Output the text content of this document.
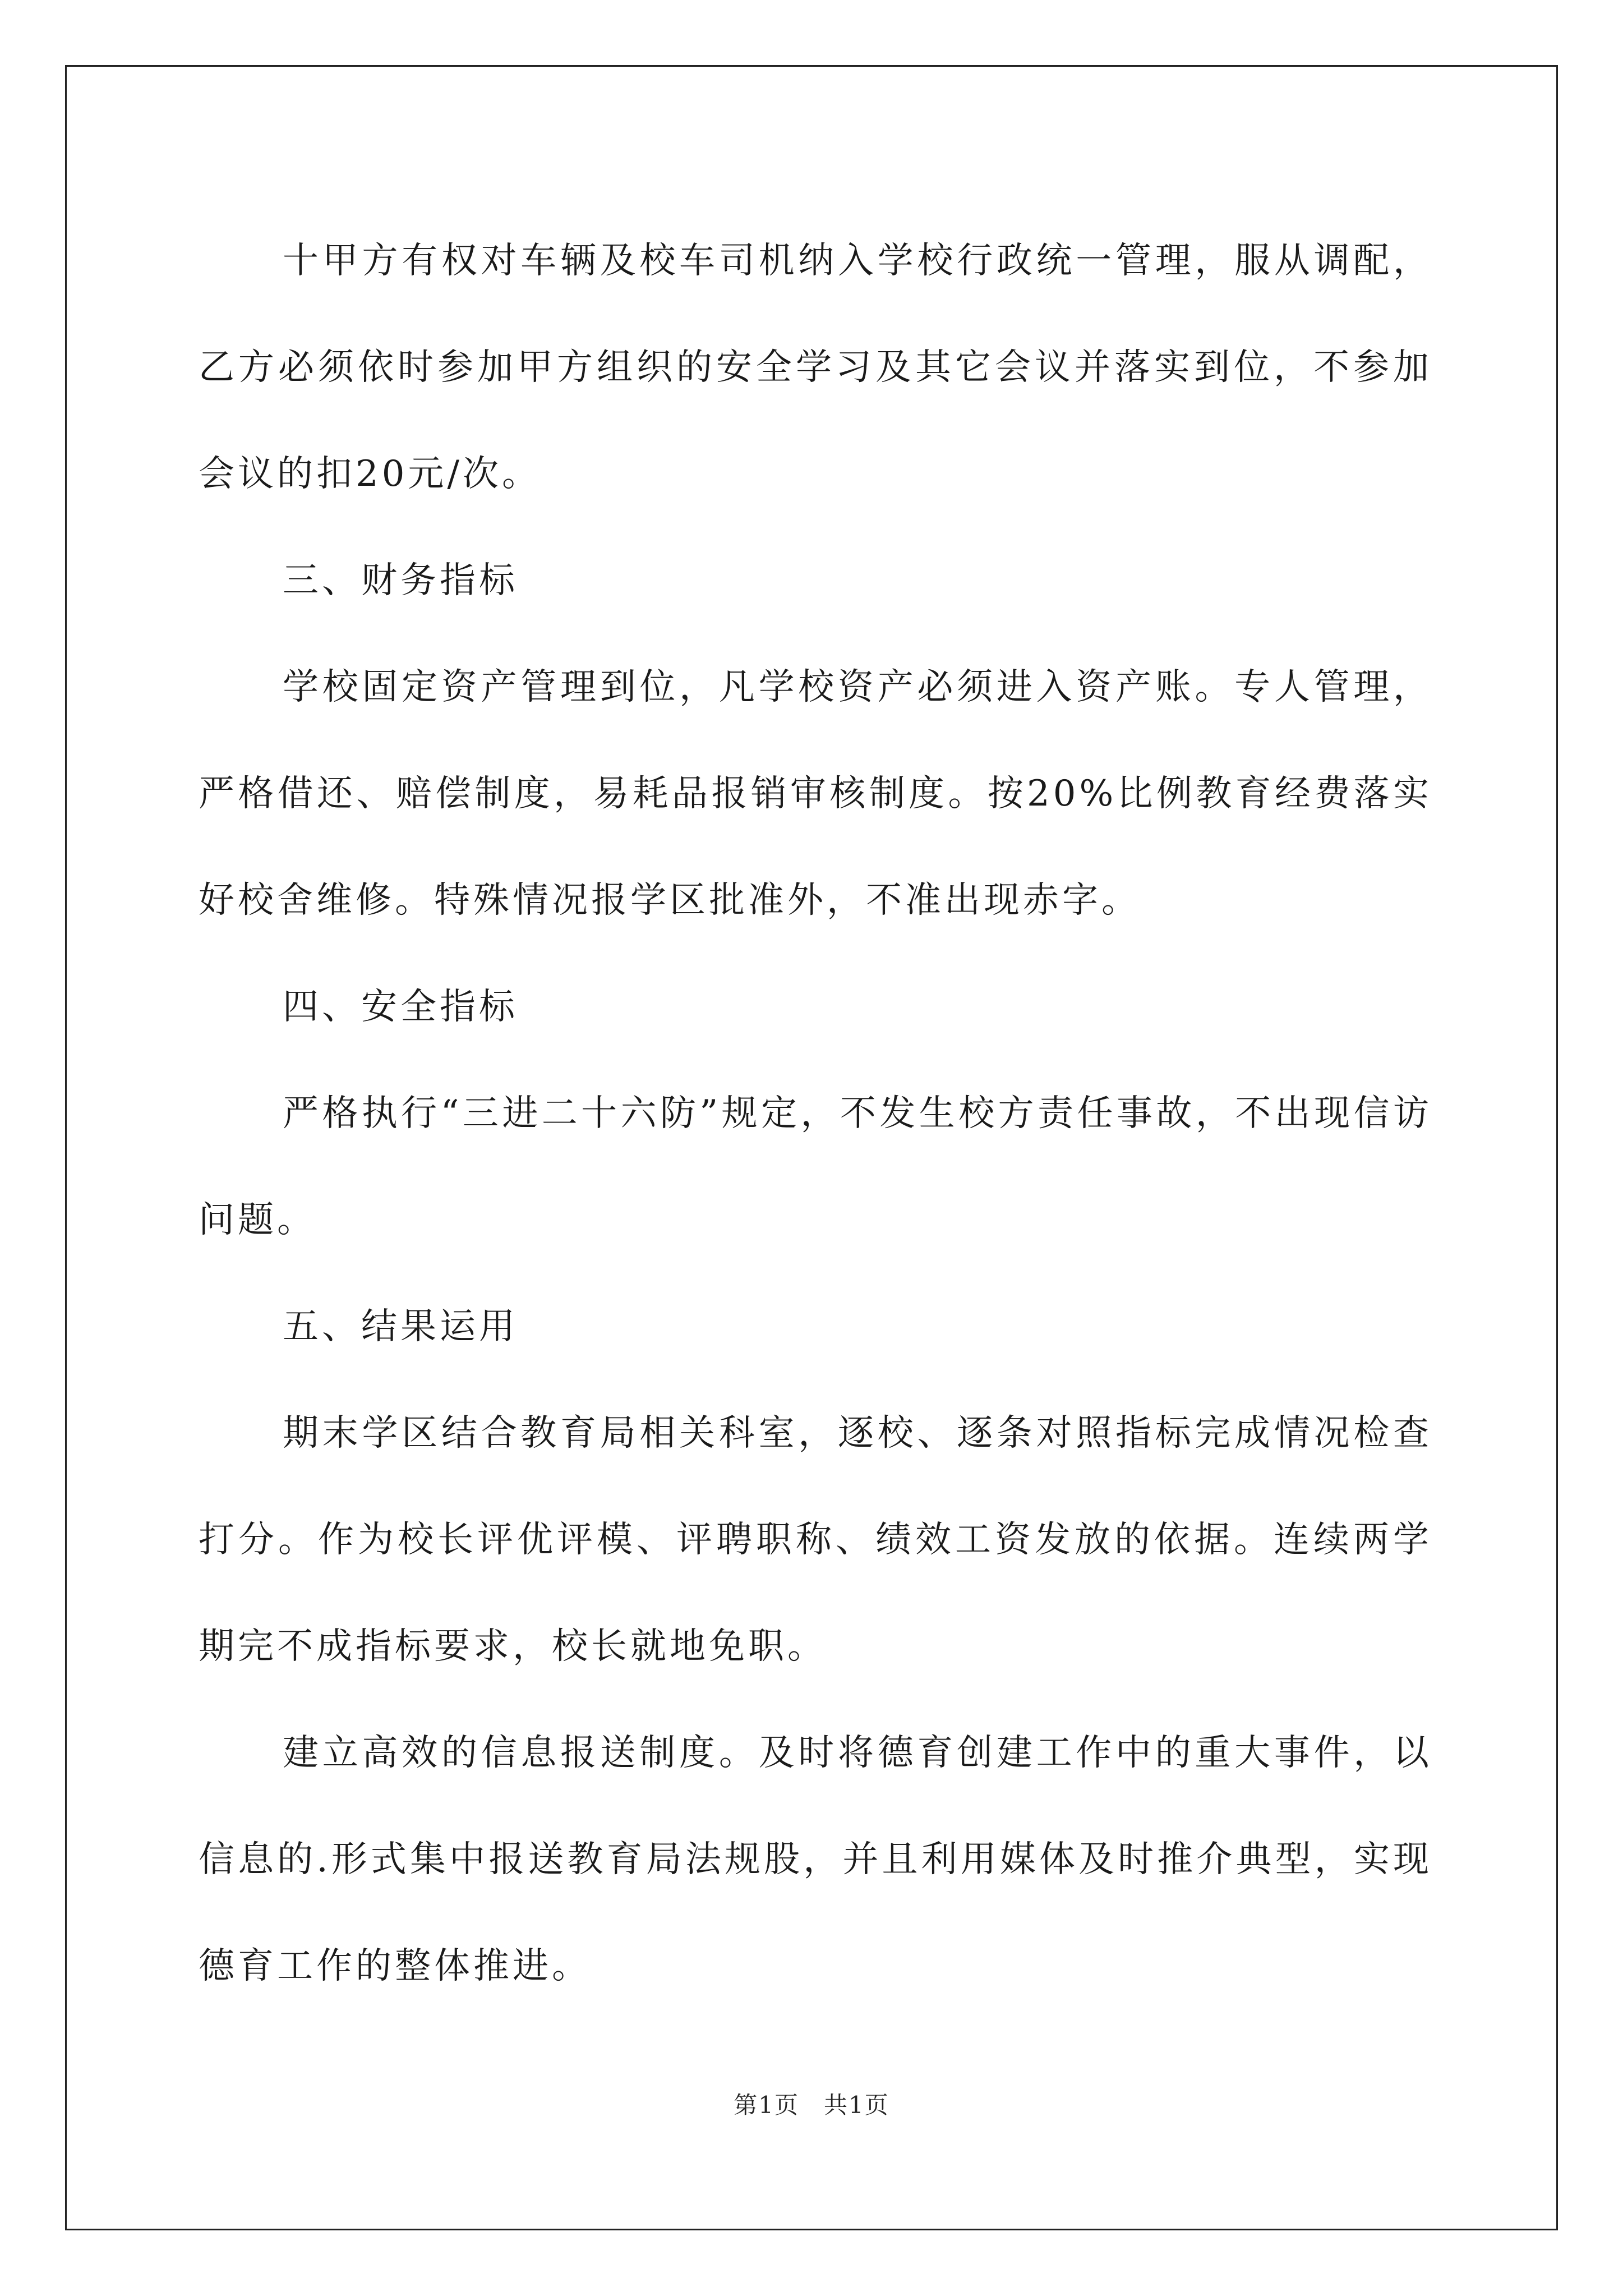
十甲方有权对车辆及校车司机纳入学校行政统一管理，服从调配，乙方必须依时参加甲方组织的安全学习及其它会议并落实到位，不参加会议的扣20元/次。

三、财务指标

学校固定资产管理到位，凡学校资产必须进入资产账。专人管理，严格借还、赔偿制度，易耗品报销审核制度。按20%比例教育经费落实好校舍维修。特殊情况报学区批准外，不准出现赤字。

四、安全指标

严格执行“三进二十六防”规定，不发生校方责任事故，不出现信访问题。

五、结果运用

期末学区结合教育局相关科室，逐校、逐条对照指标完成情况检查打分。作为校长评优评模、评聘职称、绩效工资发放的依据。连续两学期完不成指标要求，校长就地免职。

建立高效的信息报送制度。及时将德育创建工作中的重大事件，以信息的.形式集中报送教育局法规股，并且利用媒体及时推介典型，实现德育工作的整体推进。

第1页　共1页
